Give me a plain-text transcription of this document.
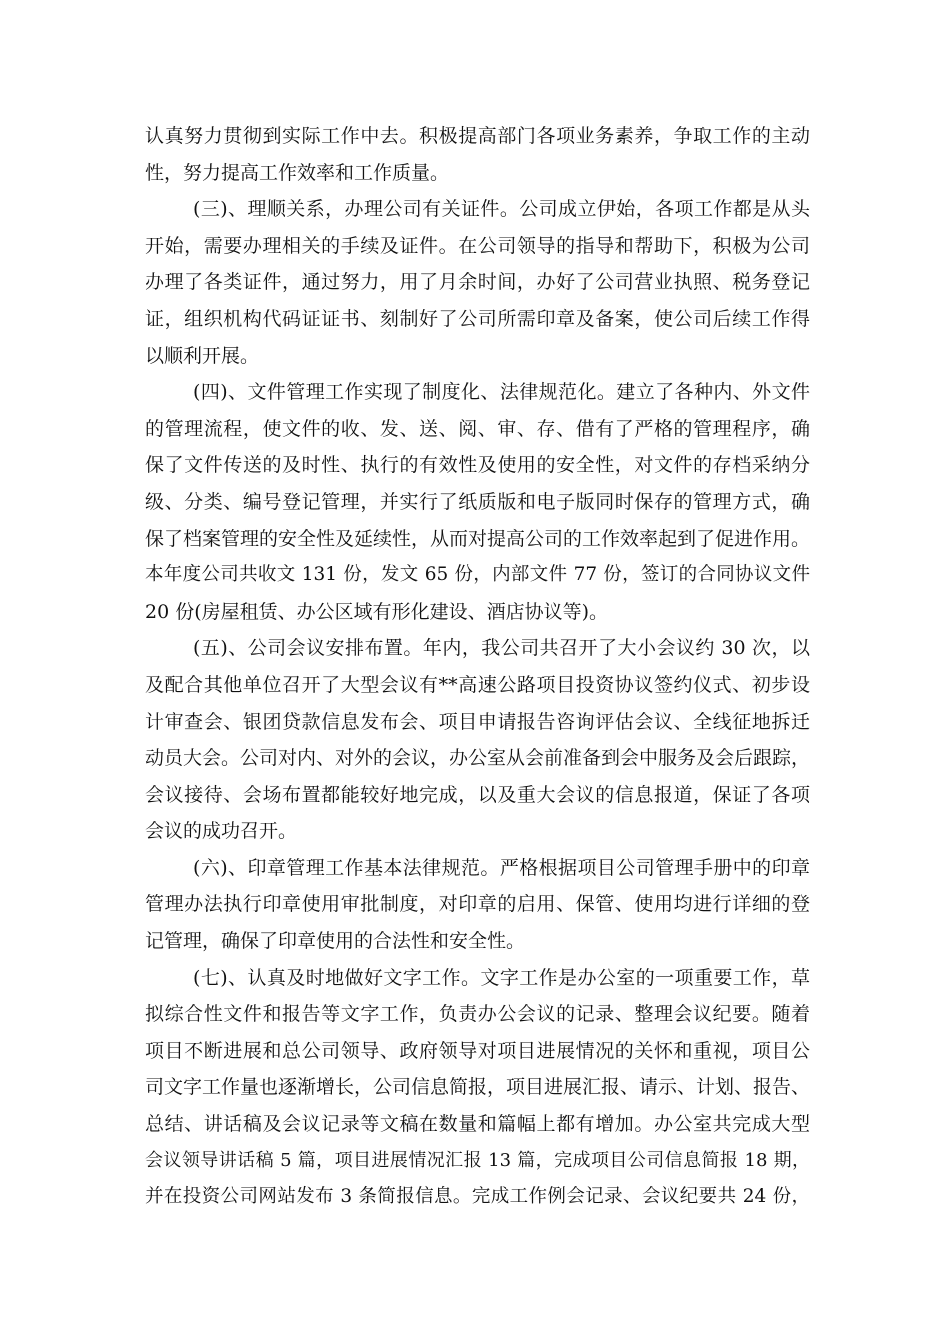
认真努力贯彻到实际工作中去。积极提高部门各项业务素养，争取工作的主动
性，努力提高工作效率和工作质量。
(三)、理顺关系，办理公司有关证件。公司成立伊始，各项工作都是从头
开始，需要办理相关的手续及证件。在公司领导的指导和帮助下，积极为公司
办理了各类证件，通过努力，用了月余时间，办好了公司营业执照、税务登记
证，组织机构代码证证书、刻制好了公司所需印章及备案，使公司后续工作得
以顺利开展。
(四)、文件管理工作实现了制度化、法律规范化。建立了各种内、外文件
的管理流程，使文件的收、发、送、阅、审、存、借有了严格的管理程序，确
保了文件传送的及时性、执行的有效性及使用的安全性，对文件的存档采纳分
级、分类、编号登记管理，并实行了纸质版和电子版同时保存的管理方式，确
保了档案管理的安全性及延续性，从而对提高公司的工作效率起到了促进作用。
本年度公司共收文 131 份，发文 65 份，内部文件 77 份，签订的合同协议文件
20 份(房屋租赁、办公区域有形化建设、酒店协议等)。
(五)、公司会议安排布置。年内，我公司共召开了大小会议约 30 次，以
及配合其他单位召开了大型会议有**高速公路项目投资协议签约仪式、初步设
计审查会、银团贷款信息发布会、项目申请报告咨询评估会议、全线征地拆迁
动员大会。公司对内、对外的会议，办公室从会前准备到会中服务及会后跟踪，
会议接待、会场布置都能较好地完成，以及重大会议的信息报道，保证了各项
会议的成功召开。
(六)、印章管理工作基本法律规范。严格根据项目公司管理手册中的印章
管理办法执行印章使用审批制度，对印章的启用、保管、使用均进行详细的登
记管理，确保了印章使用的合法性和安全性。
(七)、认真及时地做好文字工作。文字工作是办公室的一项重要工作，草
拟综合性文件和报告等文字工作，负责办公会议的记录、整理会议纪要。随着
项目不断进展和总公司领导、政府领导对项目进展情况的关怀和重视，项目公
司文字工作量也逐渐增长，公司信息简报，项目进展汇报、请示、计划、报告、
总结、讲话稿及会议记录等文稿在数量和篇幅上都有增加。办公室共完成大型
会议领导讲话稿 5 篇，项目进展情况汇报 13 篇，完成项目公司信息简报 18 期，
并在投资公司网站发布 3 条简报信息。完成工作例会记录、会议纪要共 24 份，
